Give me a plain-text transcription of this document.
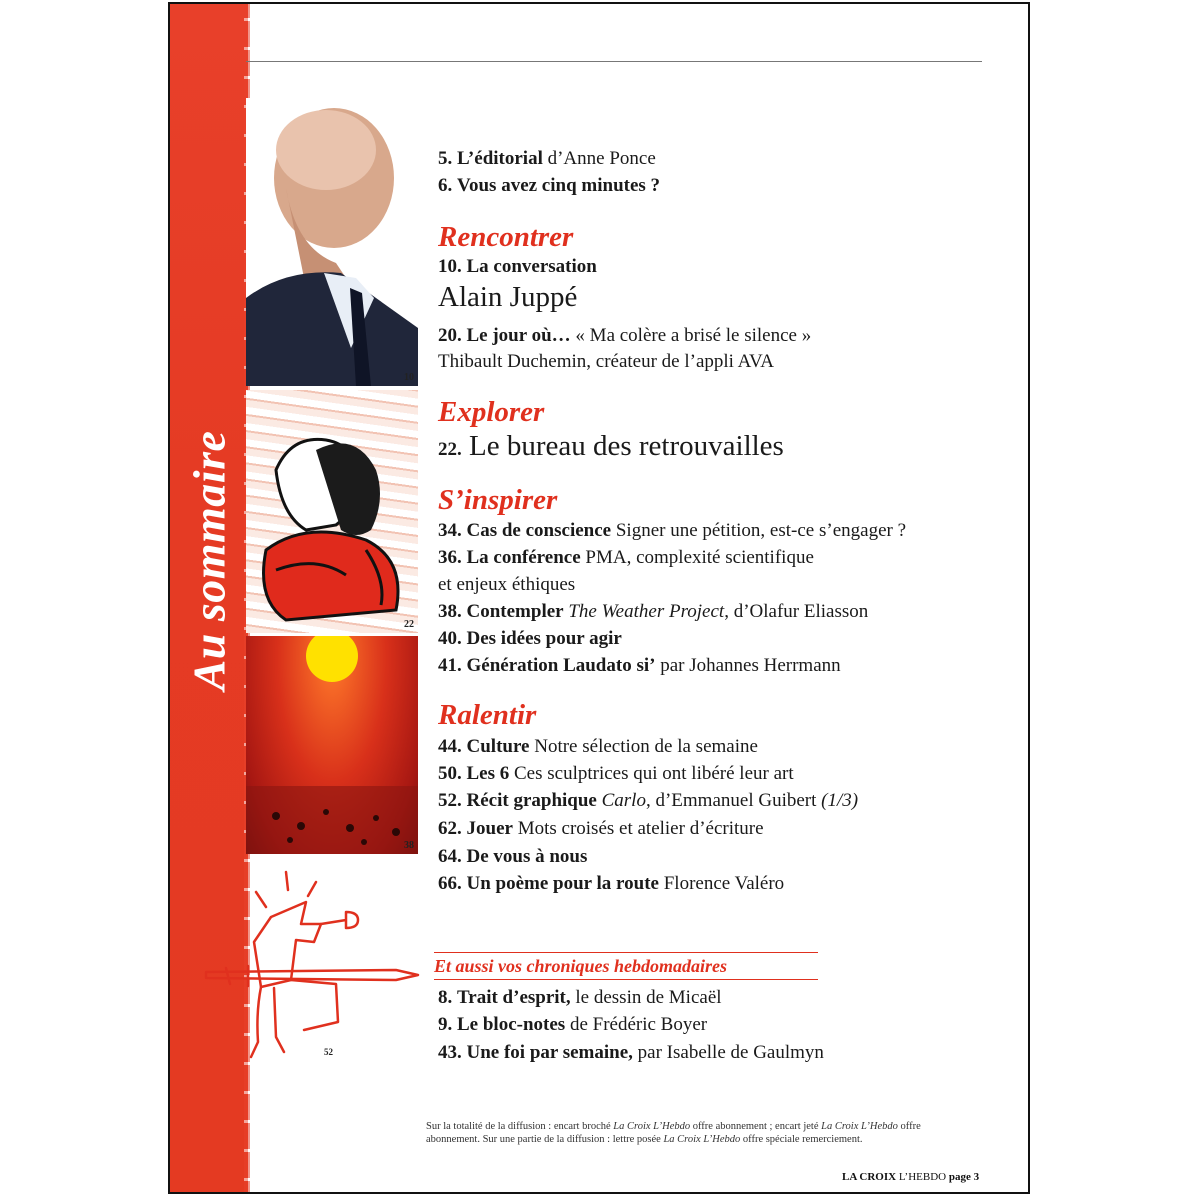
Au sommaire
10
22
38
5. L’éditorial d’Anne Ponce
6. Vous avez cinq minutes ?
Rencontrer
10. La conversation
Alain Juppé
20. Le jour où… « Ma colère a brisé le silence »
Thibault Duchemin, créateur de l’appli AVA
Explorer
22. Le bureau des retrouvailles
S’inspirer
34. Cas de conscience Signer une pétition, est-ce s’engager ?
36. La conférence PMA, complexité scientifique
et enjeux éthiques
38. Contempler The Weather Project, d’Olafur Eliasson
40. Des idées pour agir
41. Génération Laudato si’ par Johannes Herrmann
Ralentir
44. Culture Notre sélection de la semaine
50. Les 6 Ces sculptrices qui ont libéré leur art
52. Récit graphique Carlo, d’Emmanuel Guibert (1/3)
62. Jouer Mots croisés et atelier d’écriture
64. De vous à nous
66. Un poème pour la route Florence Valéro
8. Trait d’esprit, le dessin de Micaël
9. Le bloc-notes de Frédéric Boyer
43. Une foi par semaine, par Isabelle de Gaulmyn
Et aussi vos chroniques hebdomadaires
52
Sur la totalité de la diffusion : encart broché La Croix L’Hebdo offre abonnement ; encart jeté La Croix L’Hebdo offre abonnement. Sur une partie de la diffusion : lettre posée La Croix L’Hebdo offre spéciale remerciement.
LA CROIX L’HEBDO page 3
